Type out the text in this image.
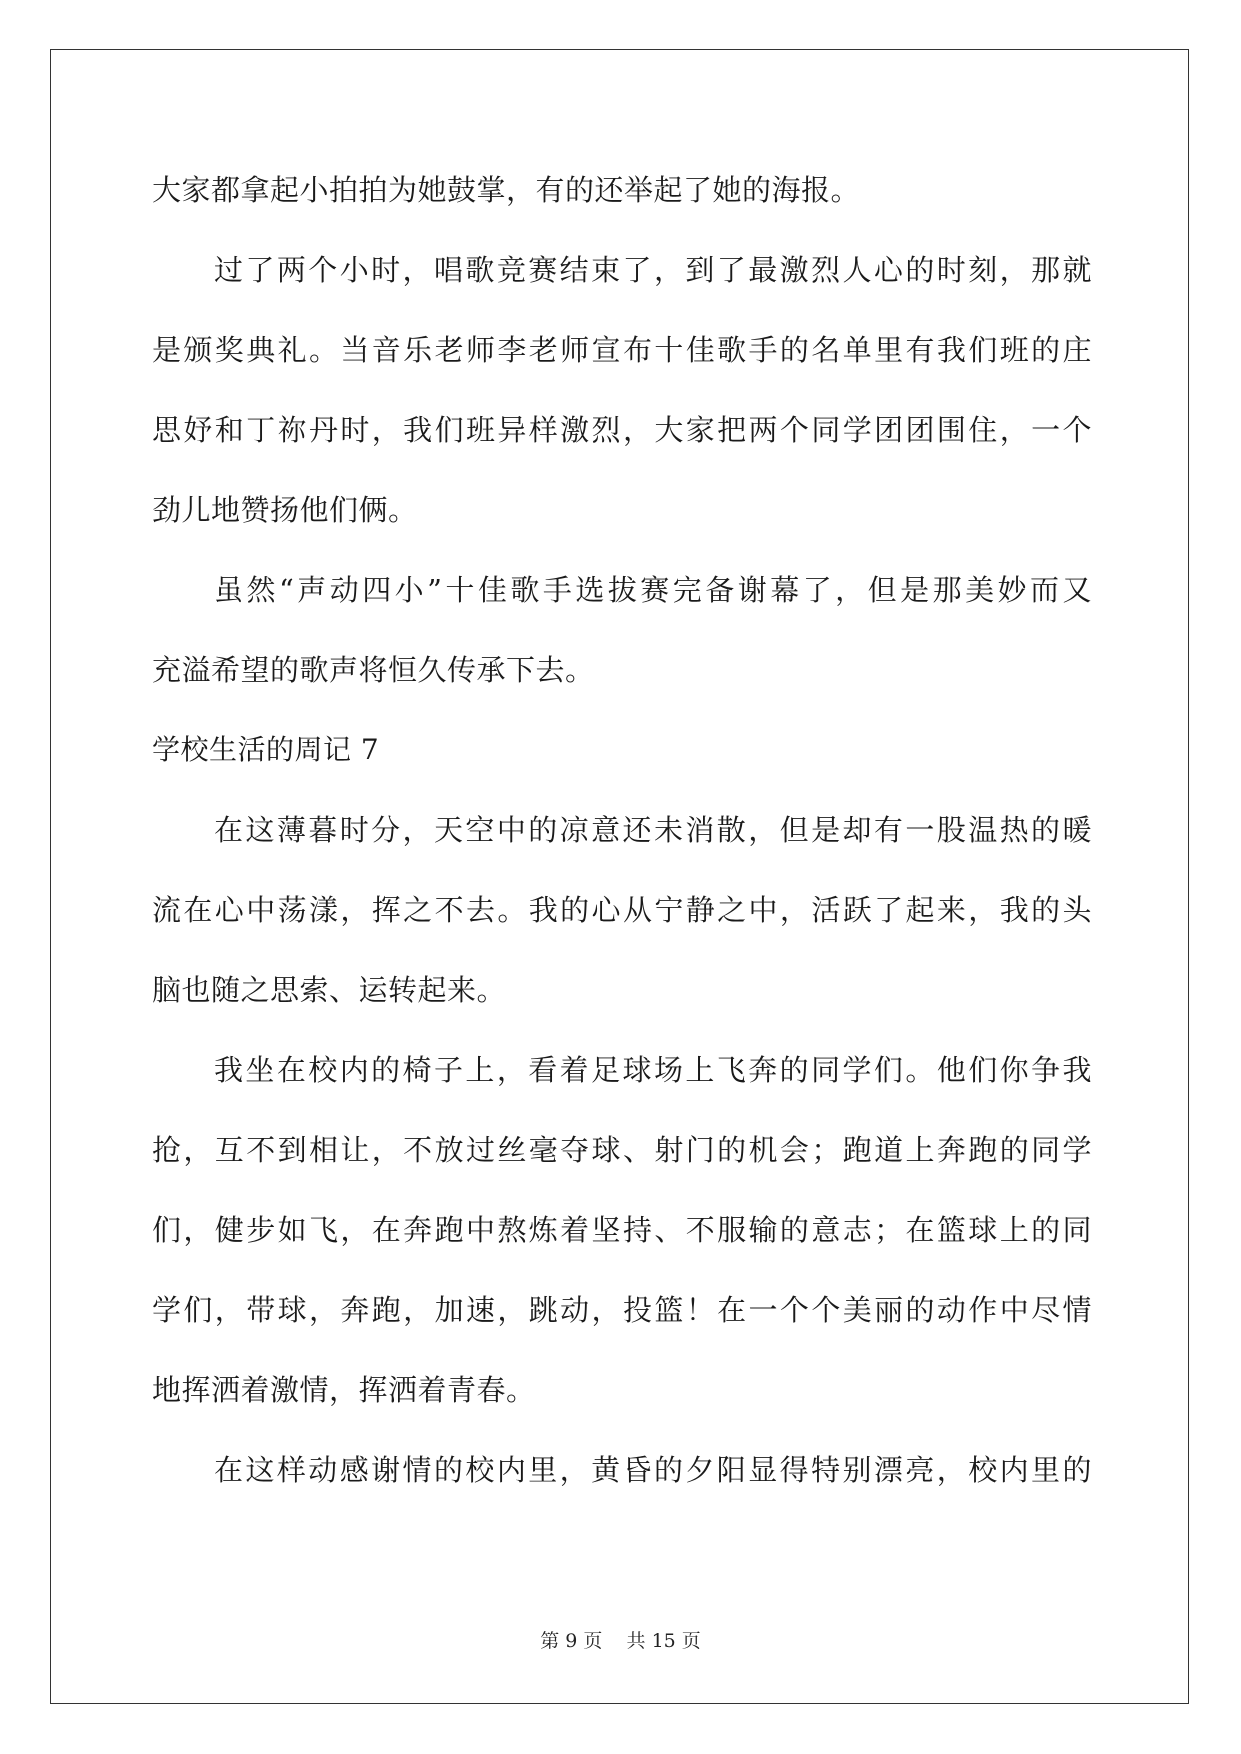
大家都拿起小拍拍为她鼓掌，有的还举起了她的海报。
过了两个小时，唱歌竞赛结束了，到了最激烈人心的时刻，那就
是颁奖典礼。当音乐老师李老师宣布十佳歌手的名单里有我们班的庄
思妤和丁祢丹时，我们班异样激烈，大家把两个同学团团围住，一个
劲儿地赞扬他们俩。
虽然“声动四小”十佳歌手选拔赛完备谢幕了，但是那美妙而又
充溢希望的歌声将恒久传承下去。
学校生活的周记 7
在这薄暮时分，天空中的凉意还未消散，但是却有一股温热的暖
流在心中荡漾，挥之不去。我的心从宁静之中，活跃了起来，我的头
脑也随之思索、运转起来。
我坐在校内的椅子上，看着足球场上飞奔的同学们。他们你争我
抢，互不到相让，不放过丝毫夺球、射门的机会；跑道上奔跑的同学
们，健步如飞，在奔跑中熬炼着坚持、不服输的意志；在篮球上的同
学们，带球，奔跑，加速，跳动，投篮！在一个个美丽的动作中尽情
地挥洒着激情，挥洒着青春。
在这样动感谢情的校内里，黄昏的夕阳显得特别漂亮，校内里的
第 9 页    共 15 页
